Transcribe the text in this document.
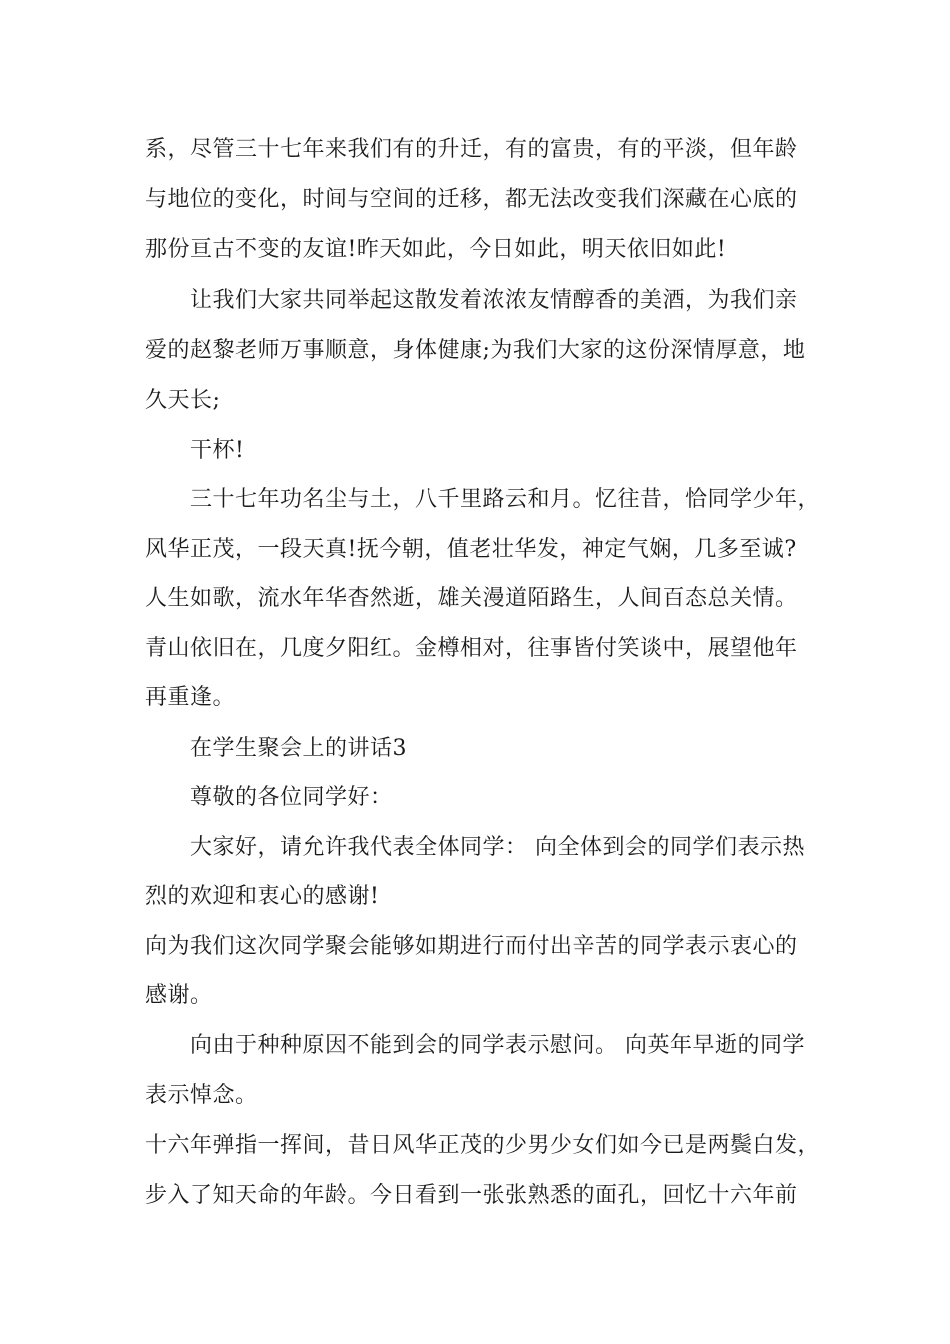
系，尽管三十七年来我们有的升迁，有的富贵，有的平淡，但年龄
与地位的变化，时间与空间的迁移，都无法改变我们深藏在心底的
那份亘古不变的友谊!昨天如此，今日如此，明天依旧如此!
让我们大家共同举起这散发着浓浓友情醇香的美酒，为我们亲
爱的赵黎老师万事顺意，身体健康;为我们大家的这份深情厚意，地
久天长;
干杯!
三十七年功名尘与土，八千里路云和月。忆往昔，恰同学少年，
风华正茂，一段天真!抚今朝，值老壮华发，神定气娴，几多至诚?
人生如歌，流水年华杳然逝，雄关漫道陌路生，人间百态总关情。
青山依旧在，几度夕阳红。金樽相对，往事皆付笑谈中，展望他年
再重逢。
在学生聚会上的讲话3
尊敬的各位同学好：
大家好，请允许我代表全体同学： 向全体到会的同学们表示热
烈的欢迎和衷心的感谢!
向为我们这次同学聚会能够如期进行而付出辛苦的同学表示衷心的
感谢。
向由于种种原因不能到会的同学表示慰问。 向英年早逝的同学
表示悼念。
十六年弹指一挥间，昔日风华正茂的少男少女们如今已是两鬓白发，
步入了知天命的年龄。今日看到一张张熟悉的面孔，回忆十六年前
